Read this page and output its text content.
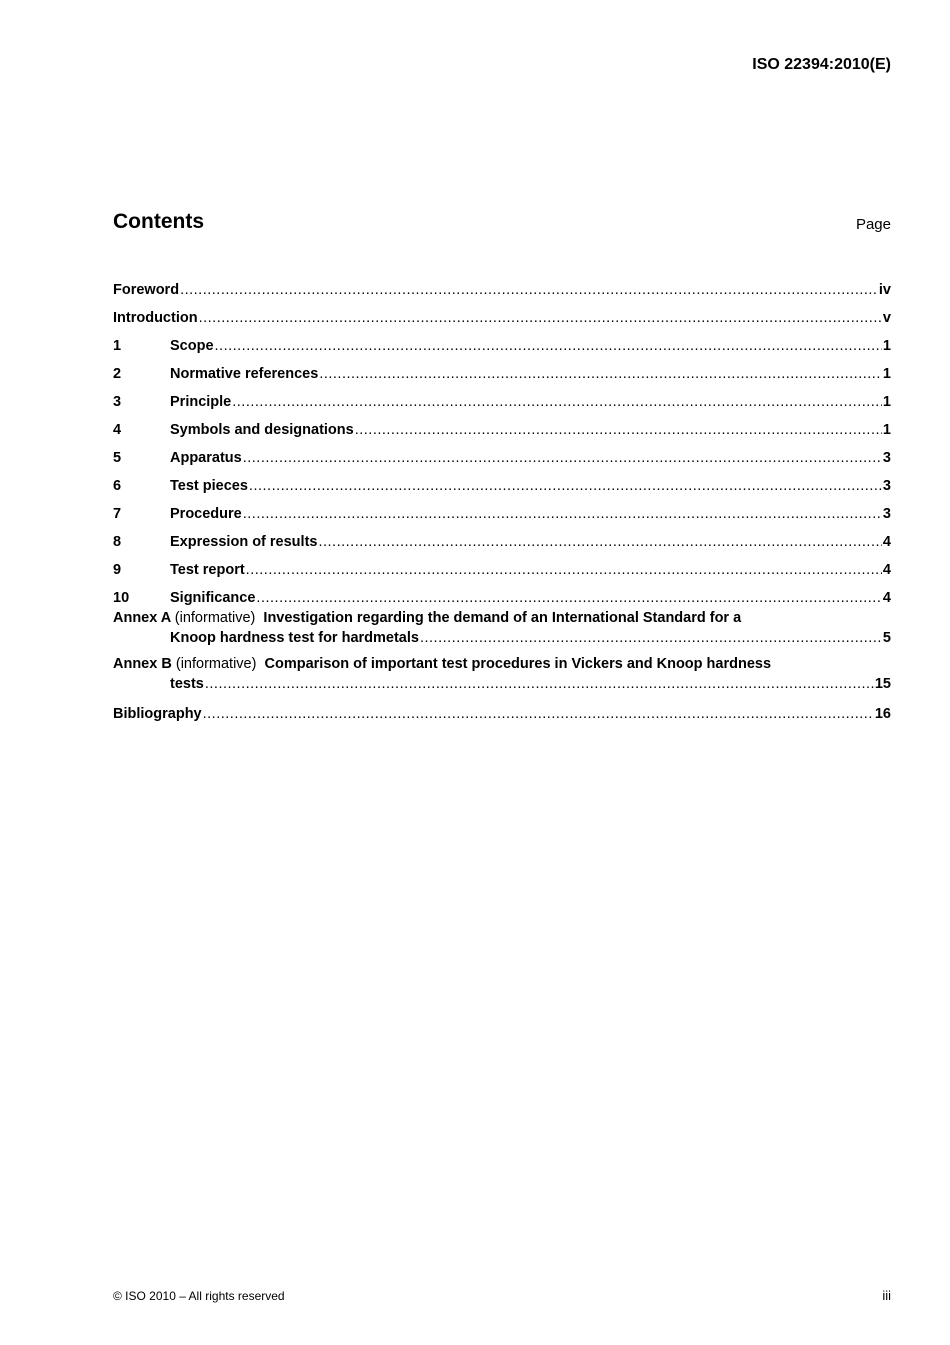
ISO 22394:2010(E)
Contents	Page
Foreword .....	iv
Introduction .....	v
1	Scope .....	1
2	Normative references .....	1
3	Principle .....	1
4	Symbols and designations .....	1
5	Apparatus .....	3
6	Test pieces .....	3
7	Procedure .....	3
8	Expression of results .....	4
9	Test report .....	4
10	Significance .....	4
Annex A (informative) Investigation regarding the demand of an International Standard for a
Knoop hardness test for hardmetals .....	5
Annex B (informative) Comparison of important test procedures in Vickers and Knoop hardness
tests .....	15
Bibliography .....	16
© ISO 2010 – All rights reserved	iii
